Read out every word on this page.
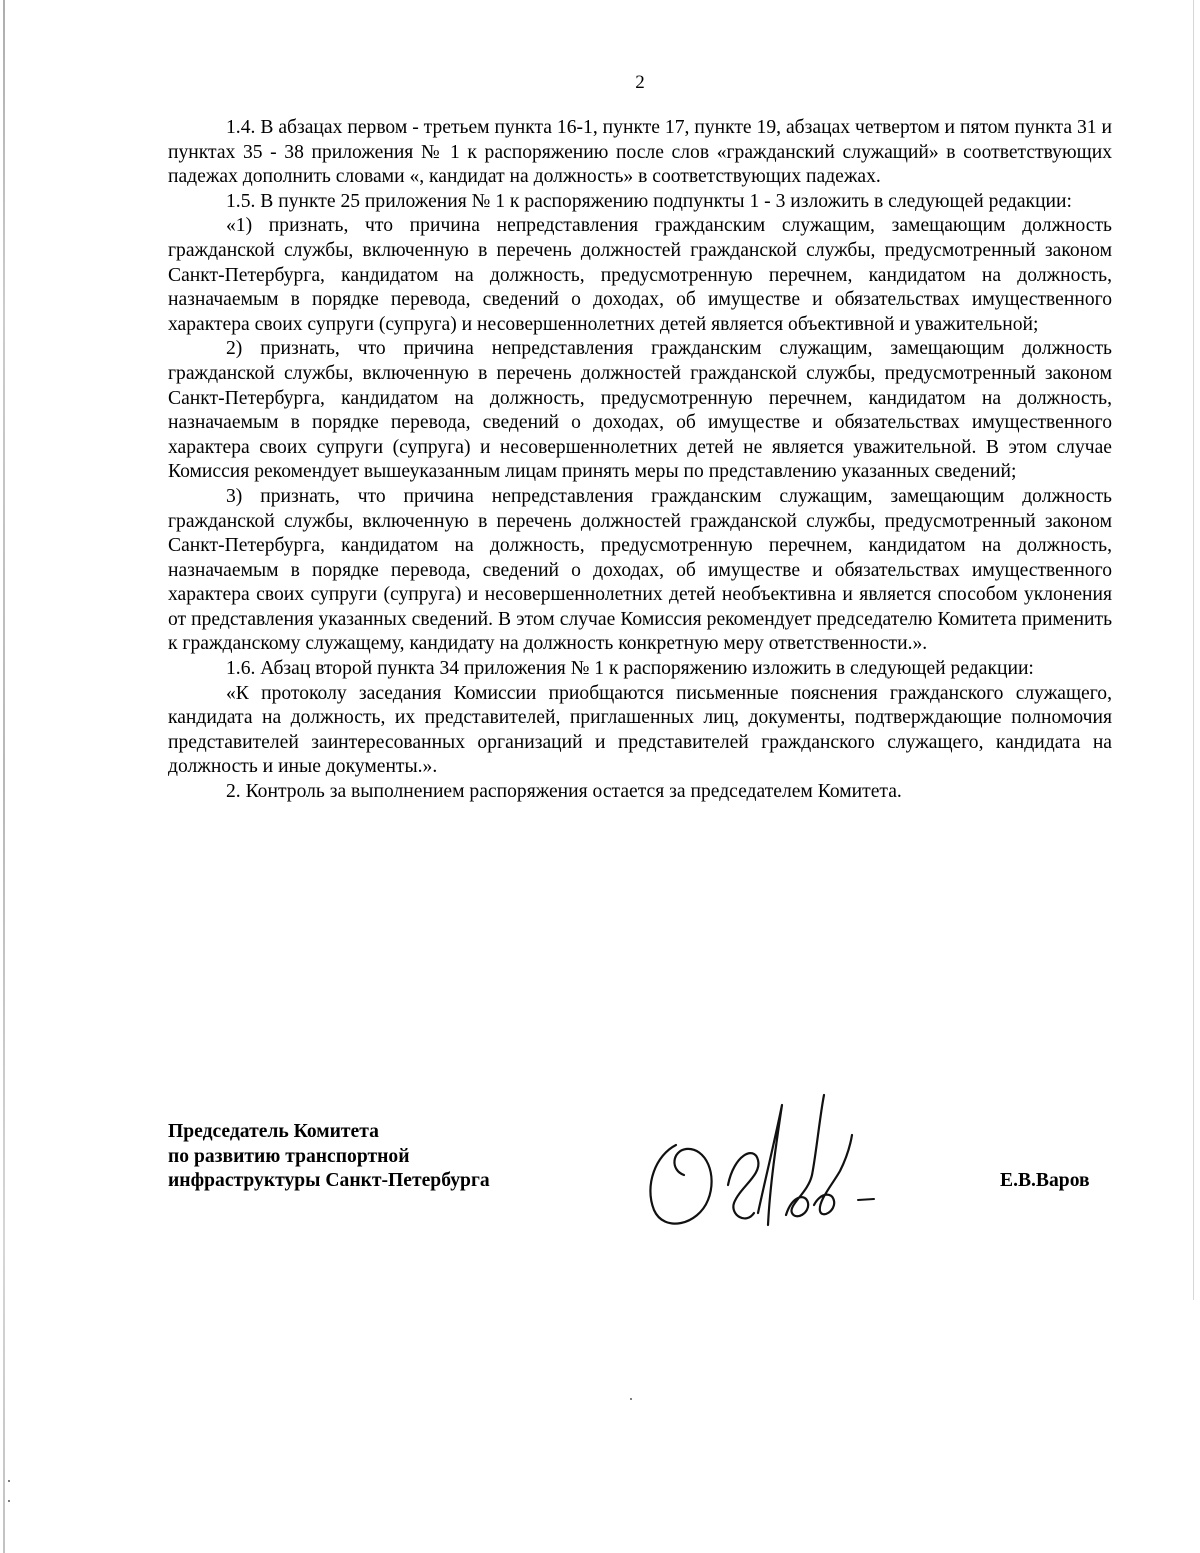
2

1.4. В абзацах первом - третьем пункта 16-1, пункте 17, пункте 19, абзацах четвертом и пятом пункта 31 и пунктах 35 - 38 приложения № 1 к распоряжению после слов «гражданский служащий» в соответствующих падежах дополнить словами «, кандидат на должность» в соответствующих падежах.

1.5. В пункте 25 приложения № 1 к распоряжению подпункты 1 - 3 изложить в следующей редакции:

«1) признать, что причина непредставления гражданским служащим, замещающим должность гражданской службы, включенную в перечень должностей гражданской службы, предусмотренный законом Санкт-Петербурга, кандидатом на должность, предусмотренную перечнем, кандидатом на должность, назначаемым в порядке перевода, сведений о доходах, об имуществе и обязательствах имущественного характера своих супруги (супруга) и несовершеннолетних детей является объективной и уважительной;

2) признать, что причина непредставления гражданским служащим, замещающим должность гражданской службы, включенную в перечень должностей гражданской службы, предусмотренный законом Санкт-Петербурга, кандидатом на должность, предусмотренную перечнем, кандидатом на должность, назначаемым в порядке перевода, сведений о доходах, об имуществе и обязательствах имущественного характера своих супруги (супруга) и несовершеннолетних детей не является уважительной. В этом случае Комиссия рекомендует вышеуказанным лицам принять меры по представлению указанных сведений;

3) признать, что причина непредставления гражданским служащим, замещающим должность гражданской службы, включенную в перечень должностей гражданской службы, предусмотренный законом Санкт-Петербурга, кандидатом на должность, предусмотренную перечнем, кандидатом на должность, назначаемым в порядке перевода, сведений о доходах, об имуществе и обязательствах имущественного характера своих супруги (супруга) и несовершеннолетних детей необъективна и является способом уклонения от представления указанных сведений. В этом случае Комиссия рекомендует председателю Комитета применить к гражданскому служащему, кандидату на должность конкретную меру ответственности.».

1.6. Абзац второй пункта 34 приложения № 1 к распоряжению изложить в следующей редакции:

«К протоколу заседания Комиссии приобщаются письменные пояснения гражданского служащего, кандидата на должность, их представителей, приглашенных лиц, документы, подтверждающие полномочия представителей заинтересованных организаций и представителей гражданского служащего, кандидата на должность и иные документы.».

2. Контроль за выполнением распоряжения остается за председателем Комитета.

Председатель Комитета
по развитию транспортной
инфраструктуры Санкт-Петербурга	Е.В.Варов
